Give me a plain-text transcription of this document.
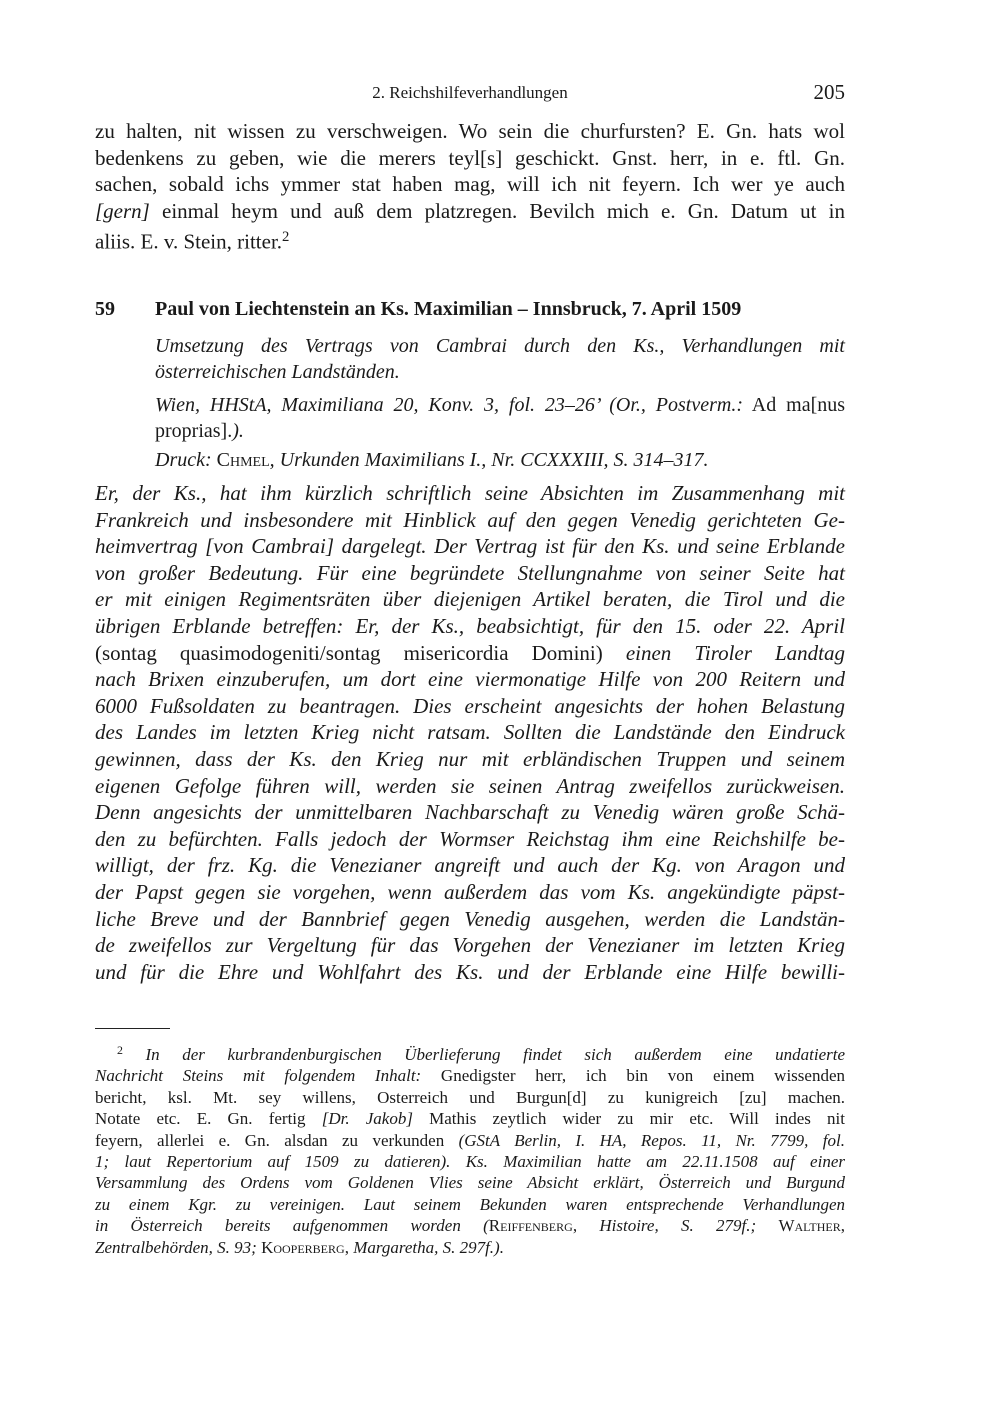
2. Reichshilfeverhandlungen	205
zu halten, nit wissen zu verschweigen. Wo sein die churfursten? E. Gn. hats wol
bedenkens zu geben, wie die merers teyl[s] geschickt. Gnst. herr, in e. ftl. Gn.
sachen, sobald ichs ymmer stat haben mag, will ich nit feyern. Ich wer ye auch
[gern] einmal heym und auß dem platzregen. Bevilch mich e. Gn. Datum ut in
aliis. E. v. Stein, ritter.$^2$
59 Paul von Liechtenstein an Ks. Maximilian – Innsbruck, 7. April 1509
Umsetzung des Vertrags von Cambrai durch den Ks., Verhandlungen mit
österreichischen Landständen.
Wien, HHStA, Maximiliana 20, Konv. 3, fol. 23–26’ (Or., Postverm.: Ad ma[nus
proprias].).
Druck: Chmel, Urkunden Maximilians I., Nr. CCXXXIII, S. 314–317.
Er, der Ks., hat ihm kürzlich schriftlich seine Absichten im Zusammenhang mit
Frankreich und insbesondere mit Hinblick auf den gegen Venedig gerichteten Ge-
heimvertrag [von Cambrai] dargelegt. Der Vertrag ist für den Ks. und seine Erblande
von großer Bedeutung. Für eine begründete Stellungnahme von seiner Seite hat
er mit einigen Regimentsräten über diejenigen Artikel beraten, die Tirol und die
übrigen Erblande betreffen: Er, der Ks., beabsichtigt, für den 15. oder 22. April
(sontag quasimodogeniti/sontag misericordia Domini) einen Tiroler Landtag
nach Brixen einzuberufen, um dort eine viermonatige Hilfe von 200 Reitern und
6000 Fußsoldaten zu beantragen. Dies erscheint angesichts der hohen Belastung
des Landes im letzten Krieg nicht ratsam. Sollten die Landstände den Eindruck
gewinnen, dass der Ks. den Krieg nur mit erbländischen Truppen und seinem
eigenen Gefolge führen will, werden sie seinen Antrag zweifellos zurückweisen.
Denn angesichts der unmittelbaren Nachbarschaft zu Venedig wären große Schä-
den zu befürchten. Falls jedoch der Wormser Reichstag ihm eine Reichshilfe be-
willigt, der frz. Kg. die Venezianer angreift und auch der Kg. von Aragon und
der Papst gegen sie vorgehen, wenn außerdem das vom Ks. angekündigte päpst-
liche Breve und der Bannbrief gegen Venedig ausgehen, werden die Landstän-
de zweifellos zur Vergeltung für das Vorgehen der Venezianer im letzten Krieg
und für die Ehre und Wohlfahrt des Ks. und der Erblande eine Hilfe bewilli-
$^2$ In der kurbrandenburgischen Überlieferung findet sich außerdem eine undatierte
Nachricht Steins mit folgendem Inhalt: Gnedigster herr, ich bin von einem wissenden
bericht, ksl. Mt. sey willens, Osterreich und Burgun[d] zu kunigreich [zu] machen.
Notate etc. E. Gn. fertig [Dr. Jakob] Mathis zeytlich wider zu mir etc. Will indes nit
feyern, allerlei e. Gn. alsdan zu verkunden (GStA Berlin, I. HA, Repos. 11, Nr. 7799, fol.
1; laut Repertorium auf 1509 zu datieren). Ks. Maximilian hatte am 22.11.1508 auf einer
Versammlung des Ordens vom Goldenen Vlies seine Absicht erklärt, Österreich und Burgund
zu einem Kgr. zu vereinigen. Laut seinem Bekunden waren entsprechende Verhandlungen
in Österreich bereits aufgenommen worden (Reiffenberg, Histoire, S. 279f.; Walther,
Zentralbehörden, S. 93; Kooperberg, Margaretha, S. 297f.).
